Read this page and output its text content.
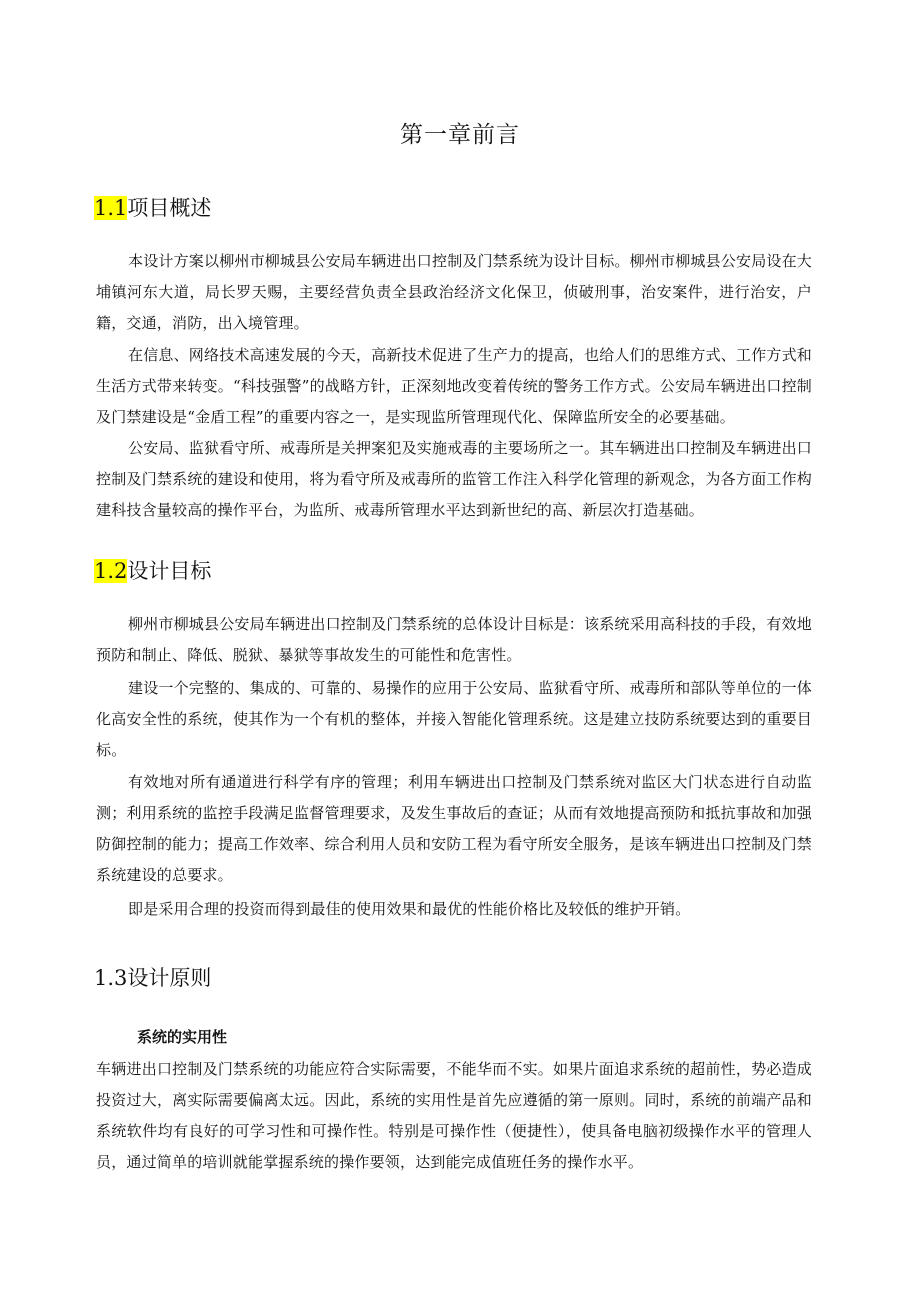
第一章前言
1.1项目概述

本设计方案以柳州市柳城县公安局车辆进出口控制及门禁系统为设计目标。柳州市柳城县公安局设在大埔镇河东大道，局长罗天赐，主要经营负责全县政治经济文化保卫，侦破刑事，治安案件，进行治安，户籍，交通，消防，出入境管理。

在信息、网络技术高速发展的今天，高新技术促进了生产力的提高，也给人们的思维方式、工作方式和生活方式带来转变。“科技强警”的战略方针，正深刻地改变着传统的警务工作方式。公安局车辆进出口控制及门禁建设是“金盾工程”的重要内容之一，是实现监所管理现代化、保障监所安全的必要基础。

公安局、监狱看守所、戒毒所是关押案犯及实施戒毒的主要场所之一。其车辆进出口控制及车辆进出口控制及门禁系统的建设和使用，将为看守所及戒毒所的监管工作注入科学化管理的新观念，为各方面工作构建科技含量较高的操作平台，为监所、戒毒所管理水平达到新世纪的高、新层次打造基础。

1.2设计目标

柳州市柳城县公安局车辆进出口控制及门禁系统的总体设计目标是：该系统采用高科技的手段，有效地预防和制止、降低、脱狱、暴狱等事故发生的可能性和危害性。

建设一个完整的、集成的、可靠的、易操作的应用于公安局、监狱看守所、戒毒所和部队等单位的一体化高安全性的系统，使其作为一个有机的整体，并接入智能化管理系统。这是建立技防系统要达到的重要目标。

有效地对所有通道进行科学有序的管理；利用车辆进出口控制及门禁系统对监区大门状态进行自动监测；利用系统的监控手段满足监督管理要求，及发生事故后的查证；从而有效地提高预防和抵抗事故和加强防御控制的能力；提高工作效率、综合利用人员和安防工程为看守所安全服务，是该车辆进出口控制及门禁系统建设的总要求。

即是采用合理的投资而得到最佳的使用效果和最优的性能价格比及较低的维护开销。

1.3设计原则
系统的实用性

车辆进出口控制及门禁系统的功能应符合实际需要，不能华而不实。如果片面追求系统的超前性，势必造成投资过大，离实际需要偏离太远。因此，系统的实用性是首先应遵循的第一原则。同时，系统的前端产品和系统软件均有良好的可学习性和可操作性。特别是可操作性（便捷性），使具备电脑初级操作水平的管理人员，通过简单的培训就能掌握系统的操作要领，达到能完成值班任务的操作水平。
